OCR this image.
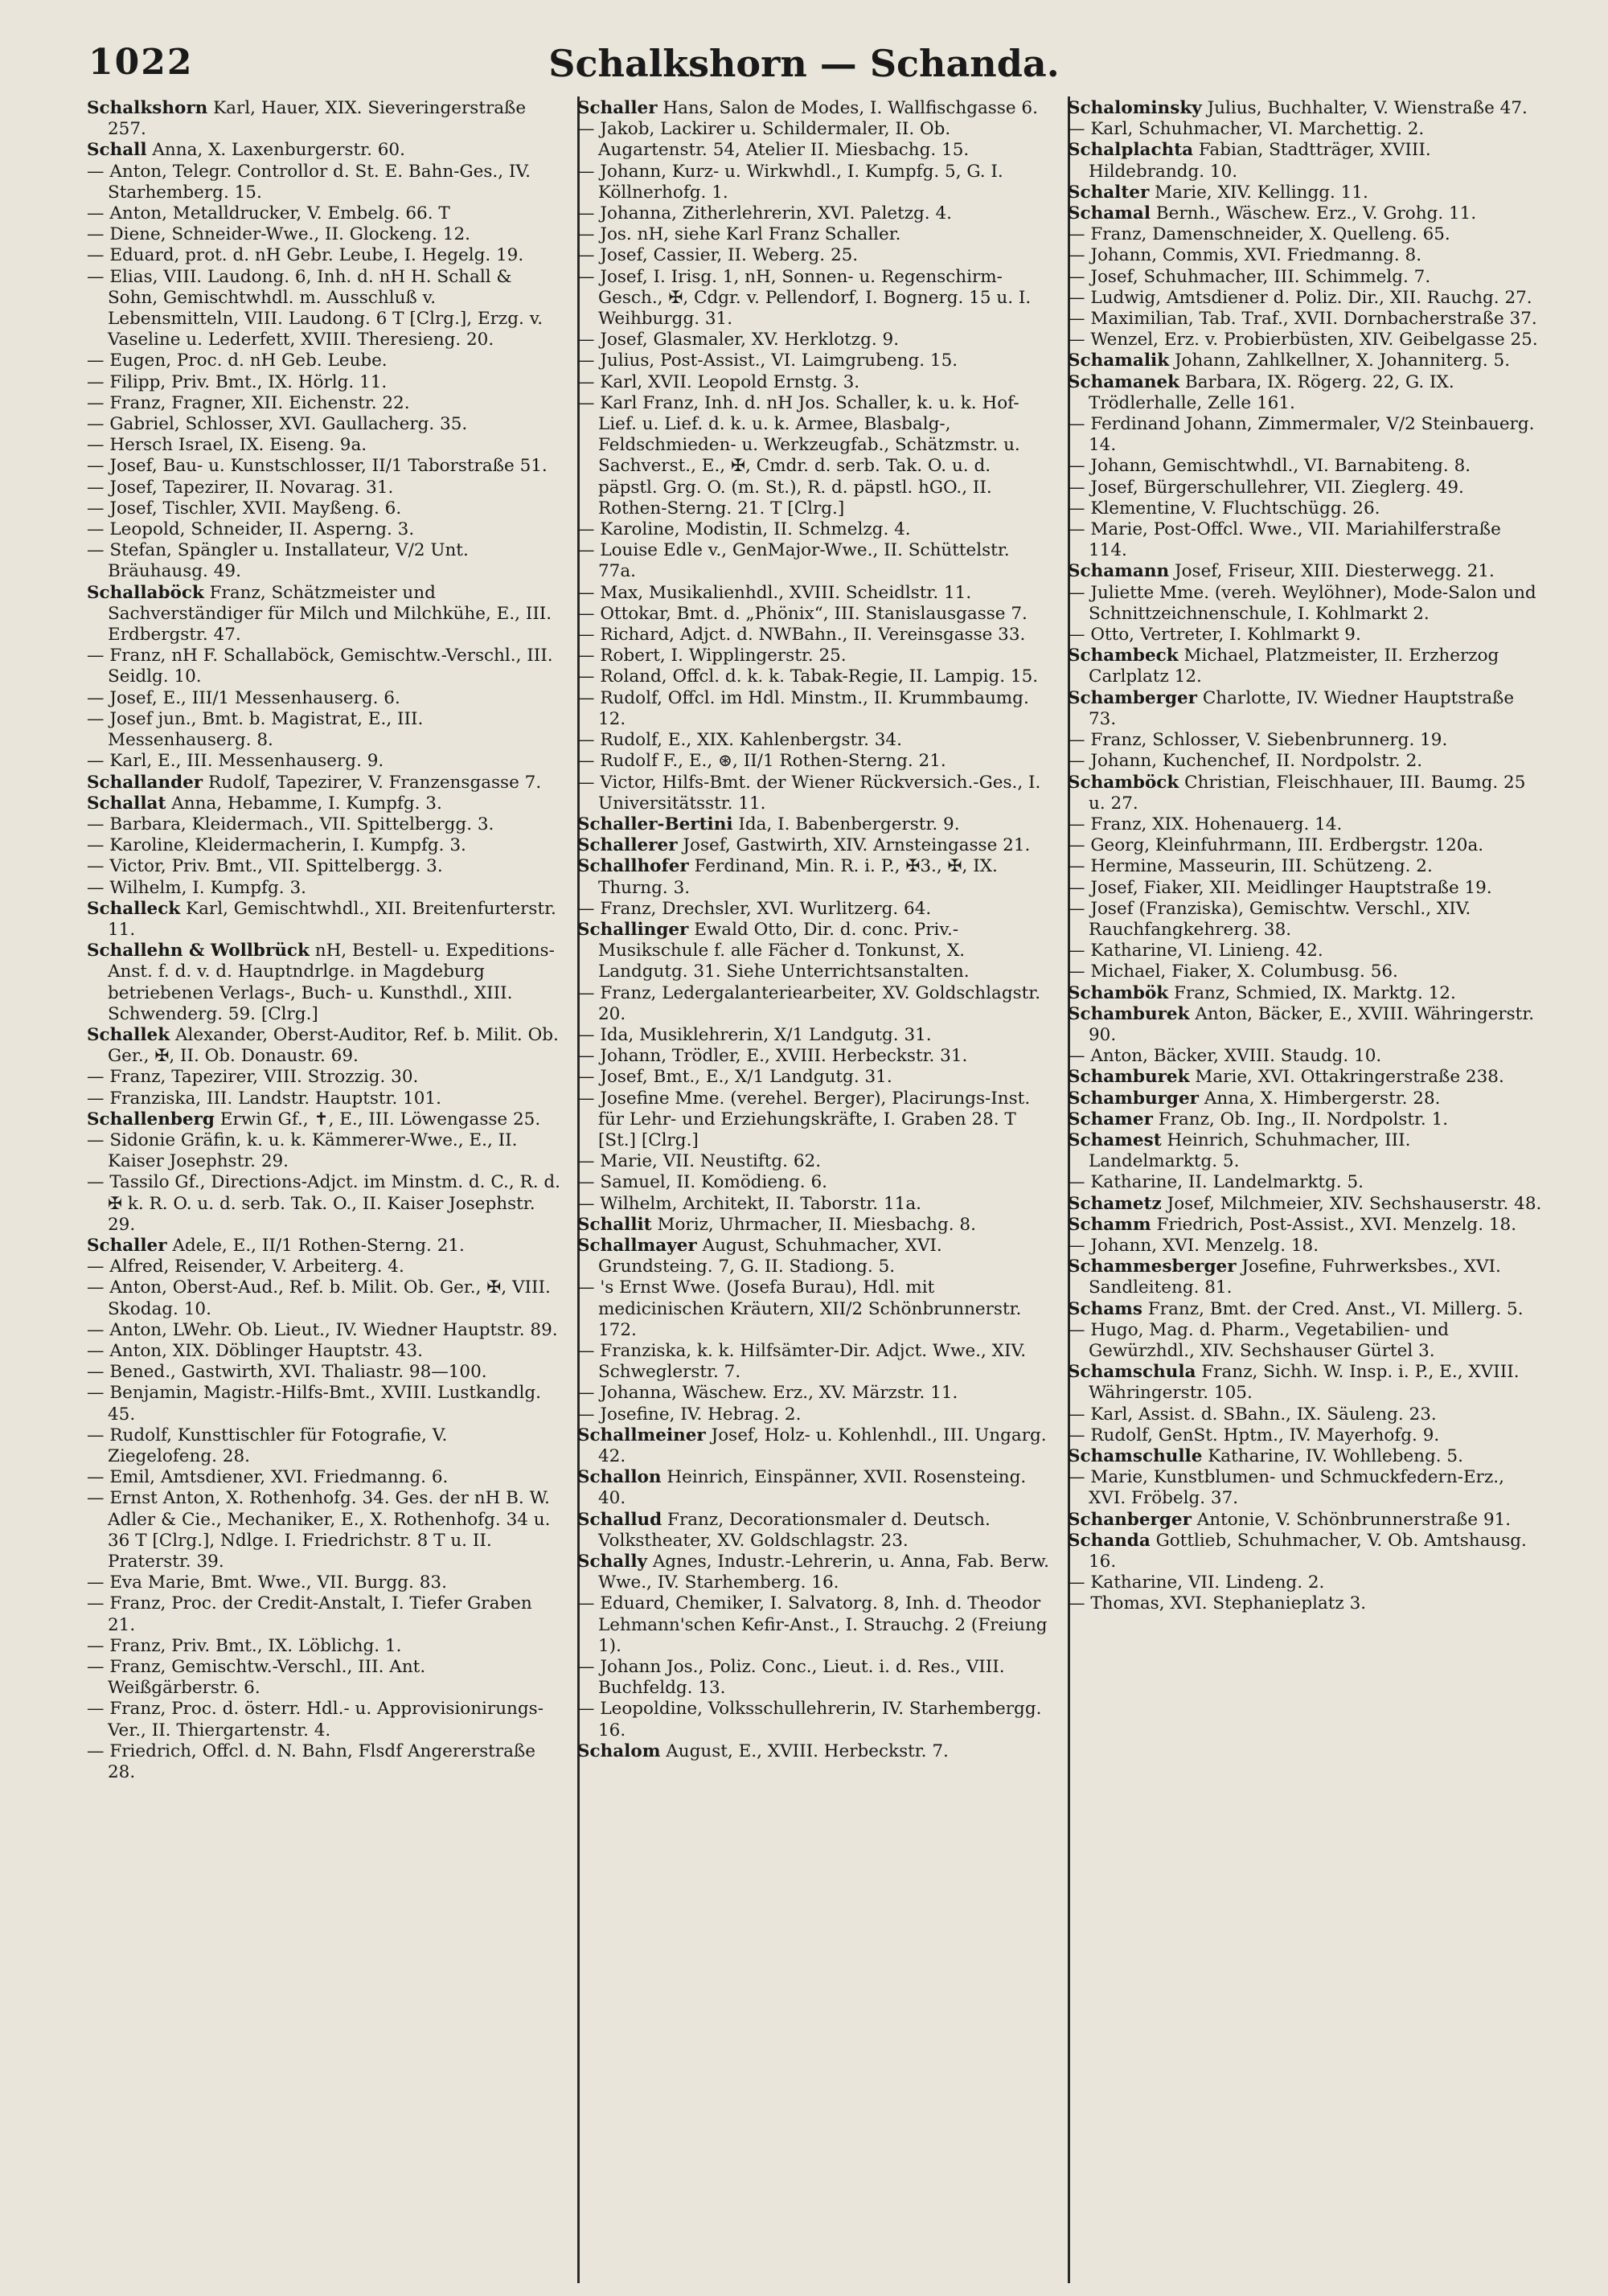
1022	Schalkshorn — Schanda.
Schalkshorn Karl, Hauer, XIX. Sieveringerstraße 257.
Schall Anna, X. Laxenburgerstr. 60.
— Anton, Telegr. Controllor d. St. E. Bahn-Ges., IV. Starhemberg. 15.
— Anton, Metalldrucker, V. Embelg. 66. T
— Diene, Schneider-Wwe., II. Glockeng. 12.
— Eduard, prot. d. nH Gebr. Leube, I. Hegelg. 19.
— Elias, VIII. Laudong. 6, Inh. d. nH H. Schall & Sohn, Gemischtwhdl. m. Ausschluß v. Lebensmitteln, VIII. Laudong. 6 T [Clrg.], Erzg. v. Vaseline u. Lederfett, XVIII. Theresieng. 20.
— Eugen, Proc. d. nH Geb. Leube.
— Filipp, Priv. Bmt., IX. Hörlg. 11.
— Franz, Fragner, XII. Eichenstr. 22.
— Gabriel, Schlosser, XVI. Gaullacherg. 35.
— Hersch Israel, IX. Eiseng. 9a.
— Josef, Bau- u. Kunstschlosser, II/1 Taborstraße 51.
— Josef, Tapezirer, II. Novarag. 31.
— Josef, Tischler, XVII. Mayßeng. 6.
— Leopold, Schneider, II. Asperng. 3.
— Stefan, Spängler u. Installateur, V/2 Unt. Bräuhausg. 49.
Schallaböck Franz, Schätzmeister und Sachverständiger für Milch und Milchkühe, E., III. Erdbergstr. 47.
— Franz, nH F. Schallaböck, Gemischtw.-Verschl., III. Seidlg. 10.
— Josef, E., III/1 Messenhauserg. 6.
— Josef jun., Bmt. b. Magistrat, E., III. Messenhauserg. 8.
— Karl, E., III. Messenhauserg. 9.
Schallander Rudolf, Tapezirer, V. Franzensgasse 7.
Schallat Anna, Hebamme, I. Kumpfg. 3.
— Barbara, Kleidermach., VII. Spittelbergg. 3.
— Karoline, Kleidermacherin, I. Kumpfg. 3.
— Victor, Priv. Bmt., VII. Spittelbergg. 3.
— Wilhelm, I. Kumpfg. 3.
Schalleck Karl, Gemischtwhdl., XII. Breitenfurterstr. 11.
Schallehn & Wollbrück nH, Bestell- u. Expeditions-Anst. f. d. v. d. Hauptndrlge. in Magdeburg betriebenen Verlags-, Buch- u. Kunsthdl., XIII. Schwenderg. 59. [Clrg.]
Schallek Alexander, Oberst-Auditor, Ref. b. Milit. Ob. Ger., ✠, II. Ob. Donaustr. 69.
— Franz, Tapezirer, VIII. Strozzig. 30.
— Franziska, III. Landstr. Hauptstr. 101.
Schallenberg Erwin Gf., ✝, E., III. Löwengasse 25.
— Sidonie Gräfin, k. u. k. Kämmerer-Wwe., E., II. Kaiser Josephstr. 29.
— Tassilo Gf., Directions-Adjct. im Minstm. d. C., R. d. ✠ k. R. O. u. d. serb. Tak. O., II. Kaiser Josephstr. 29.
Schaller Adele, E., II/1 Rothen-Sterng. 21.
— Alfred, Reisender, V. Arbeiterg. 4.
— Anton, Oberst-Aud., Ref. b. Milit. Ob. Ger., ✠, VIII. Skodag. 10.
— Anton, LWehr. Ob. Lieut., IV. Wiedner Hauptstr. 89.
— Anton, XIX. Döblinger Hauptstr. 43.
— Bened., Gastwirth, XVI. Thaliastr. 98—100.
— Benjamin, Magistr.-Hilfs-Bmt., XVIII. Lustkandlg. 45.
— Rudolf, Kunsttischler für Fotografie, V. Ziegelofeng. 28.
— Emil, Amtsdiener, XVI. Friedmanng. 6.
— Ernst Anton, X. Rothenhofg. 34. Ges. der nH B. W. Adler & Cie., Mechaniker, E., X. Rothenhofg. 34 u. 36 T [Clrg.], Ndlge. I. Friedrichstr. 8 T u. II. Praterstr. 39.
— Eva Marie, Bmt. Wwe., VII. Burgg. 83.
— Franz, Proc. der Credit-Anstalt, I. Tiefer Graben 21.
— Franz, Priv. Bmt., IX. Löblichg. 1.
— Franz, Gemischtw.-Verschl., III. Ant. Weißgärberstr. 6.
— Franz, Proc. d. österr. Hdl.- u. Approvisionirungs-Ver., II. Thiergartenstr. 4.
— Friedrich, Offcl. d. N. Bahn, Flsdf Angererstraße 28.
Schaller Hans, Salon de Modes, I. Wallfischgasse 6.
— Jakob, Lackirer u. Schildermaler, II. Ob. Augartenstr. 54, Atelier II. Miesbachg. 15.
— Johann, Kurz- u. Wirkwhdl., I. Kumpfg. 5, G. I. Köllnerhofg. 1.
— Johanna, Zitherlehrerin, XVI. Paletzg. 4.
— Jos. nH, siehe Karl Franz Schaller.
— Josef, Cassier, II. Weberg. 25.
— Josef, I. Irisg. 1, nH, Sonnen- u. Regenschirm-Gesch., ✠, Cdgr. v. Pellendorf, I. Bognerg. 15 u. I. Weihburgg. 31.
— Josef, Glasmaler, XV. Herklotzg. 9.
— Julius, Post-Assist., VI. Laimgrubeng. 15.
— Karl, XVII. Leopold Ernstg. 3.
— Karl Franz, Inh. d. nH Jos. Schaller, k. u. k. Hof-Lief. u. Lief. d. k. u. k. Armee, Blasbalg-, Feldschmieden- u. Werkzeugfab., Schätzmstr. u. Sachverst., E., ✠, Cmdr. d. serb. Tak. O. u. d. päpstl. Grg. O. (m. St.), R. d. päpstl. hGO., II. Rothen-Sterng. 21. T [Clrg.]
— Karoline, Modistin, II. Schmelzg. 4.
— Louise Edle v., GenMajor-Wwe., II. Schüttelstr. 77a.
— Max, Musikalienhdl., XVIII. Scheidlstr. 11.
— Ottokar, Bmt. d. „Phönix“, III. Stanislausgasse 7.
— Richard, Adjct. d. NWBahn., II. Vereinsgasse 33.
— Robert, I. Wipplingerstr. 25.
— Roland, Offcl. d. k. k. Tabak-Regie, II. Lampig. 15.
— Rudolf, Offcl. im Hdl. Minstm., II. Krummbaumg. 12.
— Rudolf, E., XIX. Kahlenbergstr. 34.
— Rudolf F., E., ⊛, II/1 Rothen-Sterng. 21.
— Victor, Hilfs-Bmt. der Wiener Rückversich.-Ges., I. Universitätsstr. 11.
Schaller-Bertini Ida, I. Babenbergerstr. 9.
Schallerer Josef, Gastwirth, XIV. Arnsteingasse 21.
Schallhofer Ferdinand, Min. R. i. P., ✠3., ✠, IX. Thurng. 3.
— Franz, Drechsler, XVI. Wurlitzerg. 64.
Schallinger Ewald Otto, Dir. d. conc. Priv.-Musikschule f. alle Fächer d. Tonkunst, X. Landgutg. 31. Siehe Unterrichtsanstalten.
— Franz, Ledergalanteriearbeiter, XV. Goldschlagstr. 20.
— Ida, Musiklehrerin, X/1 Landgutg. 31.
— Johann, Trödler, E., XVIII. Herbeckstr. 31.
— Josef, Bmt., E., X/1 Landgutg. 31.
— Josefine Mme. (verehel. Berger), Placirungs-Inst. für Lehr- und Erziehungskräfte, I. Graben 28. T [St.] [Clrg.]
— Marie, VII. Neustiftg. 62.
— Samuel, II. Komödieng. 6.
— Wilhelm, Architekt, II. Taborstr. 11a.
Schallit Moriz, Uhrmacher, II. Miesbachg. 8.
Schallmayer August, Schuhmacher, XVI. Grundsteing. 7, G. II. Stadiong. 5.
— 's Ernst Wwe. (Josefa Burau), Hdl. mit medicinischen Kräutern, XII/2 Schönbrunnerstr. 172.
— Franziska, k. k. Hilfsämter-Dir. Adjct. Wwe., XIV. Schweglerstr. 7.
— Johanna, Wäschew. Erz., XV. Märzstr. 11.
— Josefine, IV. Hebrag. 2.
Schallmeiner Josef, Holz- u. Kohlenhdl., III. Ungarg. 42.
Schallon Heinrich, Einspänner, XVII. Rosensteing. 40.
Schallud Franz, Decorationsmaler d. Deutsch. Volkstheater, XV. Goldschlagstr. 23.
Schally Agnes, Industr.-Lehrerin, u. Anna, Fab. Berw. Wwe., IV. Starhemberg. 16.
— Eduard, Chemiker, I. Salvatorg. 8, Inh. d. Theodor Lehmann'schen Kefir-Anst., I. Strauchg. 2 (Freiung 1).
— Johann Jos., Poliz. Conc., Lieut. i. d. Res., VIII. Buchfeldg. 13.
— Leopoldine, Volksschullehrerin, IV. Starhembergg. 16.
Schalom August, E., XVIII. Herbeckstr. 7.
Schalominsky Julius, Buchhalter, V. Wienstraße 47.
— Karl, Schuhmacher, VI. Marchettig. 2.
Schalplachta Fabian, Stadtträger, XVIII. Hildebrandg. 10.
Schalter Marie, XIV. Kellingg. 11.
Schamal Bernh., Wäschew. Erz., V. Grohg. 11.
— Franz, Damenschneider, X. Quelleng. 65.
— Johann, Commis, XVI. Friedmanng. 8.
— Josef, Schuhmacher, III. Schimmelg. 7.
— Ludwig, Amtsdiener d. Poliz. Dir., XII. Rauchg. 27.
— Maximilian, Tab. Traf., XVII. Dornbacherstraße 37.
— Wenzel, Erz. v. Probierbüsten, XIV. Geibelgasse 25.
Schamalik Johann, Zahlkellner, X. Johanniterg. 5.
Schamanek Barbara, IX. Rögerg. 22, G. IX. Trödlerhalle, Zelle 161.
— Ferdinand Johann, Zimmermaler, V/2 Steinbauerg. 14.
— Johann, Gemischtwhdl., VI. Barnabiteng. 8.
— Josef, Bürgerschullehrer, VII. Zieglerg. 49.
— Klementine, V. Fluchtschügg. 26.
— Marie, Post-Offcl. Wwe., VII. Mariahilferstraße 114.
Schamann Josef, Friseur, XIII. Diesterwegg. 21.
— Juliette Mme. (vereh. Weylöhner), Mode-Salon und Schnittzeichnenschule, I. Kohlmarkt 2.
— Otto, Vertreter, I. Kohlmarkt 9.
Schambeck Michael, Platzmeister, II. Erzherzog Carlplatz 12.
Schamberger Charlotte, IV. Wiedner Hauptstraße 73.
— Franz, Schlosser, V. Siebenbrunnerg. 19.
— Johann, Kuchenchef, II. Nordpolstr. 2.
Schamböck Christian, Fleischhauer, III. Baumg. 25 u. 27.
— Franz, XIX. Hohenauerg. 14.
— Georg, Kleinfuhrmann, III. Erdbergstr. 120a.
— Hermine, Masseurin, III. Schützeng. 2.
— Josef, Fiaker, XII. Meidlinger Hauptstraße 19.
— Josef (Franziska), Gemischtw. Verschl., XIV. Rauchfangkehrerg. 38.
— Katharine, VI. Linieng. 42.
— Michael, Fiaker, X. Columbusg. 56.
Schambök Franz, Schmied, IX. Marktg. 12.
Schamburek Anton, Bäcker, E., XVIII. Währingerstr. 90.
— Anton, Bäcker, XVIII. Staudg. 10.
Schamburek Marie, XVI. Ottakringerstraße 238.
Schamburger Anna, X. Himbergerstr. 28.
Schamer Franz, Ob. Ing., II. Nordpolstr. 1.
Schamest Heinrich, Schuhmacher, III. Landelmarktg. 5.
— Katharine, II. Landelmarktg. 5.
Schametz Josef, Milchmeier, XIV. Sechshauserstr. 48.
Schamm Friedrich, Post-Assist., XVI. Menzelg. 18.
— Johann, XVI. Menzelg. 18.
Schammesberger Josefine, Fuhrwerksbes., XVI. Sandleiteng. 81.
Schams Franz, Bmt. der Cred. Anst., VI. Millerg. 5.
— Hugo, Mag. d. Pharm., Vegetabilien- und Gewürzhdl., XIV. Sechshauser Gürtel 3.
Schamschula Franz, Sichh. W. Insp. i. P., E., XVIII. Währingerstr. 105.
— Karl, Assist. d. SBahn., IX. Säuleng. 23.
— Rudolf, GenSt. Hptm., IV. Mayerhofg. 9.
Schamschulle Katharine, IV. Wohllebeng. 5.
— Marie, Kunstblumen- und Schmuckfedern-Erz., XVI. Fröbelg. 37.
Schanberger Antonie, V. Schönbrunnerstraße 91.
Schanda Gottlieb, Schuhmacher, V. Ob. Amtshausg. 16.
— Katharine, VII. Lindeng. 2.
— Thomas, XVI. Stephanieplatz 3.
